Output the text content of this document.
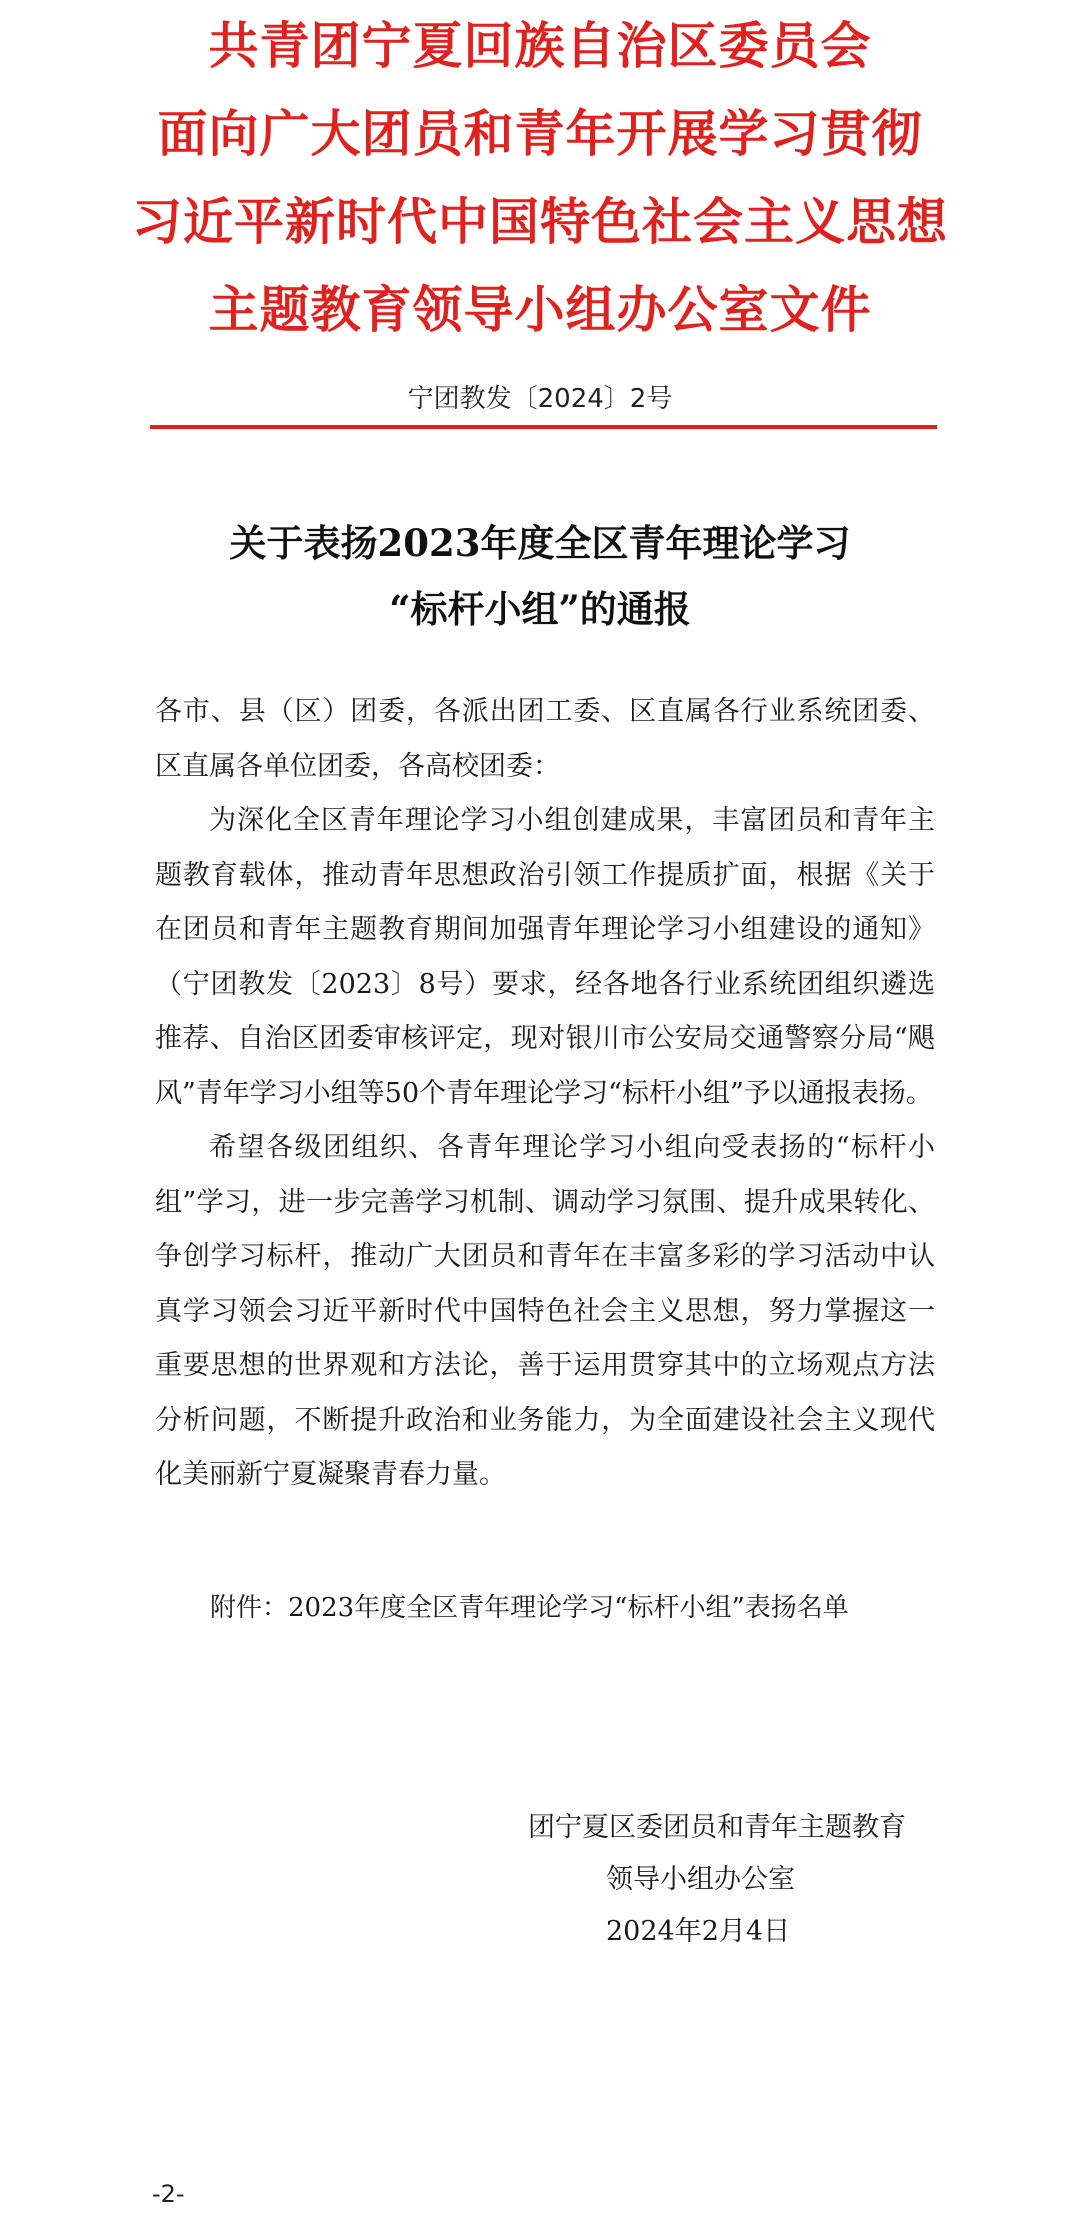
共青团宁夏回族自治区委员会
面向广大团员和青年开展学习贯彻
习近平新时代中国特色社会主义思想
主题教育领导小组办公室文件
宁团教发〔2024〕2号
关于表扬2023年度全区青年理论学习
“标杆小组”的通报

各市、县（区）团委，各派出团工委、区直属各行业系统团委、区直属各单位团委，各高校团委：

为深化全区青年理论学习小组创建成果，丰富团员和青年主题教育载体，推动青年思想政治引领工作提质扩面，根据《关于在团员和青年主题教育期间加强青年理论学习小组建设的通知》（宁团教发〔2023〕8号）要求，经各地各行业系统团组织遴选推荐、自治区团委审核评定，现对银川市公安局交通警察分局“飓风”青年学习小组等50个青年理论学习“标杆小组”予以通报表扬。

希望各级团组织、各青年理论学习小组向受表扬的“标杆小组”学习，进一步完善学习机制、调动学习氛围、提升成果转化、争创学习标杆，推动广大团员和青年在丰富多彩的学习活动中认真学习领会习近平新时代中国特色社会主义思想，努力掌握这一重要思想的世界观和方法论，善于运用贯穿其中的立场观点方法分析问题，不断提升政治和业务能力，为全面建设社会主义现代化美丽新宁夏凝聚青春力量。

附件：2023年度全区青年理论学习“标杆小组”表扬名单
团宁夏区委团员和青年主题教育
领导小组办公室
2024年2月4日
-2-
